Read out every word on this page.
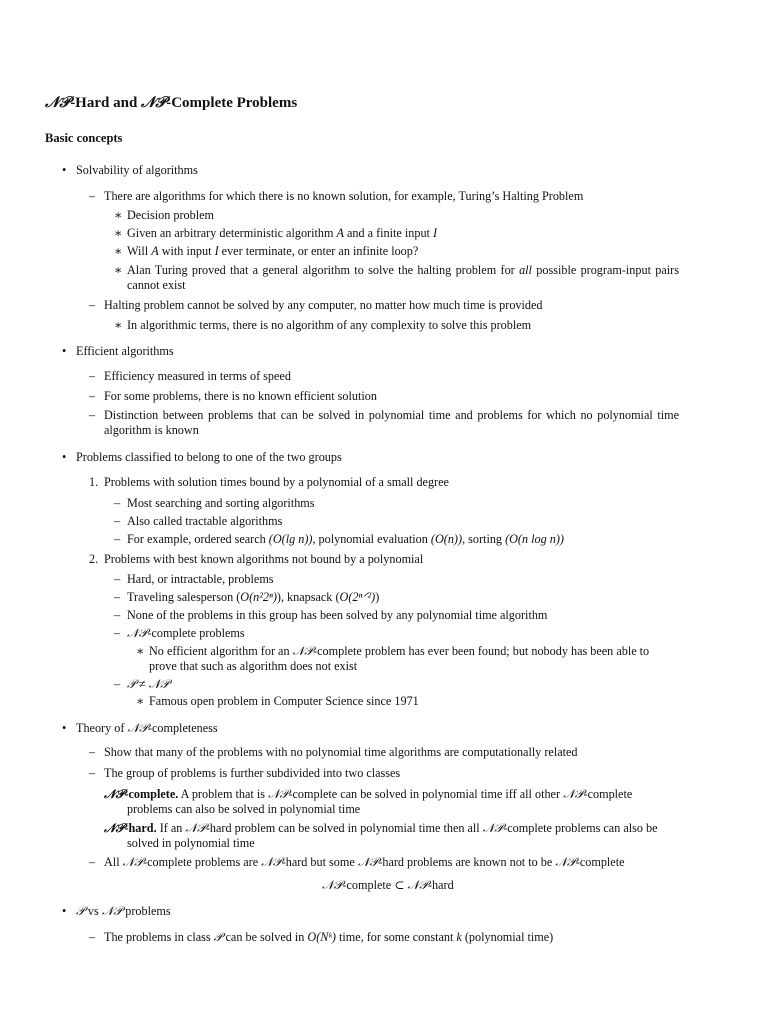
𝒩𝒫-Hard and 𝒩𝒫-Complete Problems
Basic concepts
• Solvability of algorithms
– There are algorithms for which there is no known solution, for example, Turing’s Halting Problem
∗ Decision problem
∗ Given an arbitrary deterministic algorithm A and a finite input I
∗ Will A with input I ever terminate, or enter an infinite loop?
∗ Alan Turing proved that a general algorithm to solve the halting problem for all possible program-input pairs cannot exist
– Halting problem cannot be solved by any computer, no matter how much time is provided
∗ In algorithmic terms, there is no algorithm of any complexity to solve this problem
• Efficient algorithms
– Efficiency measured in terms of speed
– For some problems, there is no known efficient solution
– Distinction between problems that can be solved in polynomial time and problems for which no polynomial time algorithm is known
• Problems classified to belong to one of the two groups
1. Problems with solution times bound by a polynomial of a small degree
– Most searching and sorting algorithms
– Also called tractable algorithms
– For example, ordered search (O(lg n)), polynomial evaluation (O(n)), sorting (O(n log n))
2. Problems with best known algorithms not bound by a polynomial
– Hard, or intractable, problems
– Traveling salesperson (O(n²2ⁿ)), knapsack (O(2ⁿᐟ²))
– None of the problems in this group has been solved by any polynomial time algorithm
– 𝒩𝒫-complete problems
∗ No efficient algorithm for an 𝒩𝒫-complete problem has ever been found; but nobody has been able to
prove that such as algorithm does not exist
– 𝒫 ≠ 𝒩𝒫
∗ Famous open problem in Computer Science since 1971
• Theory of 𝒩𝒫-completeness
– Show that many of the problems with no polynomial time algorithms are computationally related
– The group of problems is further subdivided into two classes
𝒩𝒫-complete. A problem that is 𝒩𝒫-complete can be solved in polynomial time iff all other 𝒩𝒫-complete
problems can also be solved in polynomial time
𝒩𝒫-hard. If an 𝒩𝒫-hard problem can be solved in polynomial time then all 𝒩𝒫-complete problems can also be
solved in polynomial time
– All 𝒩𝒫-complete problems are 𝒩𝒫-hard but some 𝒩𝒫-hard problems are known not to be 𝒩𝒫-complete
𝒩𝒫-complete ⊂ 𝒩𝒫-hard
• 𝒫 vs 𝒩𝒫 problems
– The problems in class 𝒫 can be solved in O(Nᵏ) time, for some constant k (polynomial time)
